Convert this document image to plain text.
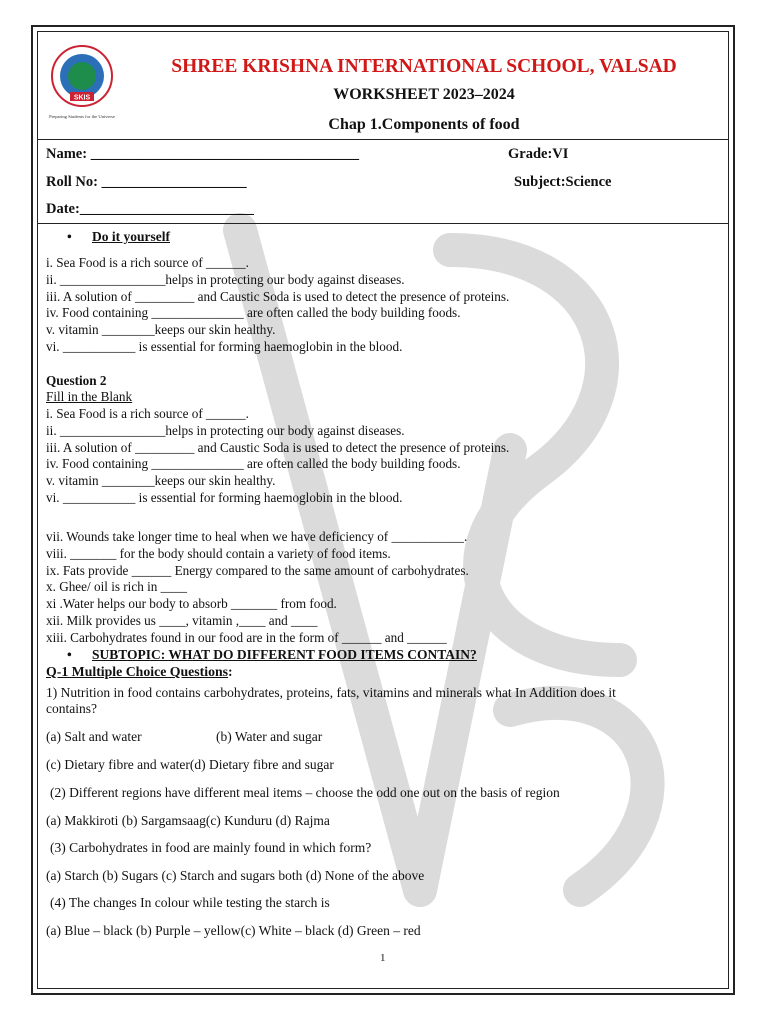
SKIS
Preparing Students for the Universe
SHREE KRISHNA INTERNATIONAL SCHOOL, VALSAD
WORKSHEET 2023–2024
Chap 1.Components of food
Name: _____________________________________	Grade:VI
Roll No: ____________________	Subject:Science
Date:________________________
• Do it yourself
i. Sea Food is a rich source of ______.
ii. ________________helps in protecting our body against diseases.
iii. A solution of _________ and Caustic Soda is used to detect the presence of proteins.
iv. Food containing ______________ are often called the body building foods.
v. vitamin ________keeps our skin healthy.
vi. ___________ is essential for forming haemoglobin in the blood.
Question 2
Fill in the Blank
i. Sea Food is a rich source of ______.
ii. ________________helps in protecting our body against diseases.
iii. A solution of _________ and Caustic Soda is used to detect the presence of proteins.
iv. Food containing ______________ are often called the body building foods.
v. vitamin ________keeps our skin healthy.
vi. ___________ is essential for forming haemoglobin in the blood.
vii. Wounds take longer time to heal when we have deficiency of ___________.
viii. _______ for the body should contain a variety of food items.
ix. Fats provide ______ Energy compared to the same amount of carbohydrates.
x. Ghee/ oil is rich in ____
xi .Water helps our body to absorb _______ from food.
xii. Milk provides us ____, vitamin ,____ and ____
xiii. Carbohydrates found in our food are in the form of ______ and ______
• SUBTOPIC: WHAT DO DIFFERENT FOOD ITEMS CONTAIN?
Q-1 Multiple Choice Questions:
1) Nutrition in food contains carbohydrates, proteins, fats, vitamins and minerals what In Addition does it
contains?
(a) Salt and water	(b) Water and sugar
(c) Dietary fibre and water(d) Dietary fibre and sugar
(2) Different regions have different meal items – choose the odd one out on the basis of region
(a) Makkiroti (b) Sargamsaag(c) Kunduru (d) Rajma
(3) Carbohydrates in food are mainly found in which form?
(a) Starch (b) Sugars (c) Starch and sugars both (d) None of the above
(4) The changes In colour while testing the starch is
(a) Blue – black (b) Purple – yellow(c) White – black (d) Green – red
1
